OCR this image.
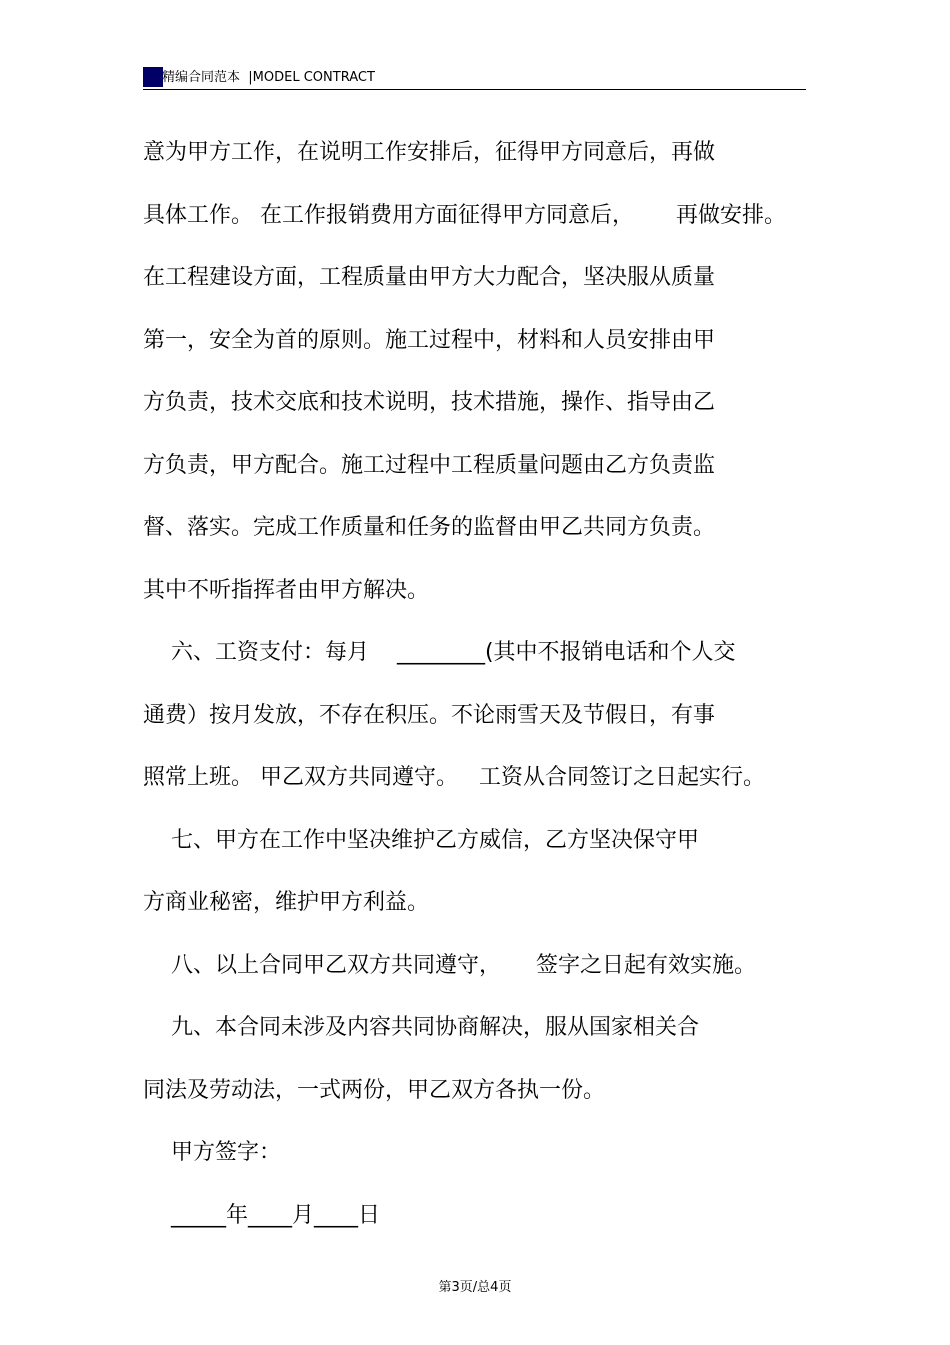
精编合同范本  |MODEL CONTRACT
意为甲方工作，在说明工作安排后，征得甲方同意后，再做
具体工作。 在工作报销费用方面征得甲方同意后，      再做安排。
在工程建设方面，工程质量由甲方大力配合，坚决服从质量
第一，安全为首的原则。施工过程中，材料和人员安排由甲
方负责，技术交底和技术说明，技术措施，操作、指导由乙
方负责，甲方配合。施工过程中工程质量问题由乙方负责监
督、落实。完成工作质量和任务的监督由甲乙共同方负责。
其中不听指挥者由甲方解决。
六、工资支付：每月    ________(其中不报销电话和个人交
通费）按月发放，不存在积压。不论雨雪天及节假日，有事
照常上班。 甲乙双方共同遵守。   工资从合同签订之日起实行。
七、甲方在工作中坚决维护乙方威信，乙方坚决保守甲
方商业秘密，维护甲方利益。
八、以上合同甲乙双方共同遵守，     签字之日起有效实施。
九、本合同未涉及内容共同协商解决，服从国家相关合
同法及劳动法，一式两份，甲乙双方各执一份。
甲方签字：
_____年____月____日
第3页/总4页
